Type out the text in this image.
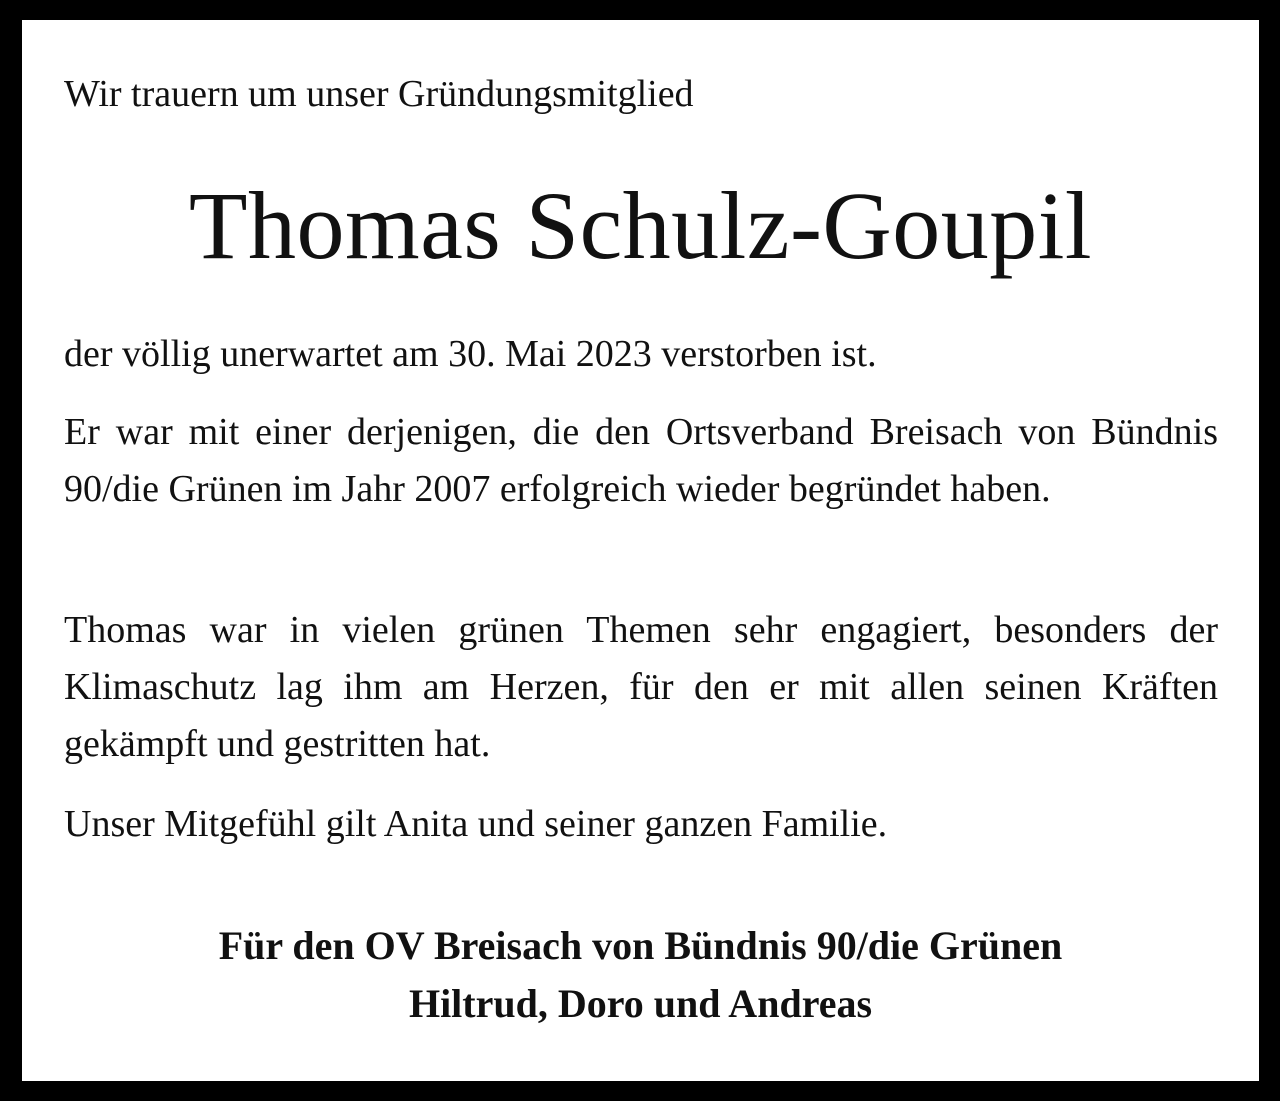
Wir trauern um unser Gründungsmitglied

Thomas Schulz-Goupil

der völlig unerwartet am 30. Mai 2023 verstorben ist.

Er war mit einer derjenigen, die den Ortsverband Breisach von Bündnis 90/die Grünen im Jahr 2007 erfolgreich wieder begründet haben.

Thomas war in vielen grünen Themen sehr engagiert, besonders der Klimaschutz lag ihm am Herzen, für den er mit allen seinen Kräften gekämpft und gestritten hat.

Unser Mitgefühl gilt Anita und seiner ganzen Familie.

Für den OV Breisach von Bündnis 90/die Grünen
Hiltrud, Doro und Andreas
